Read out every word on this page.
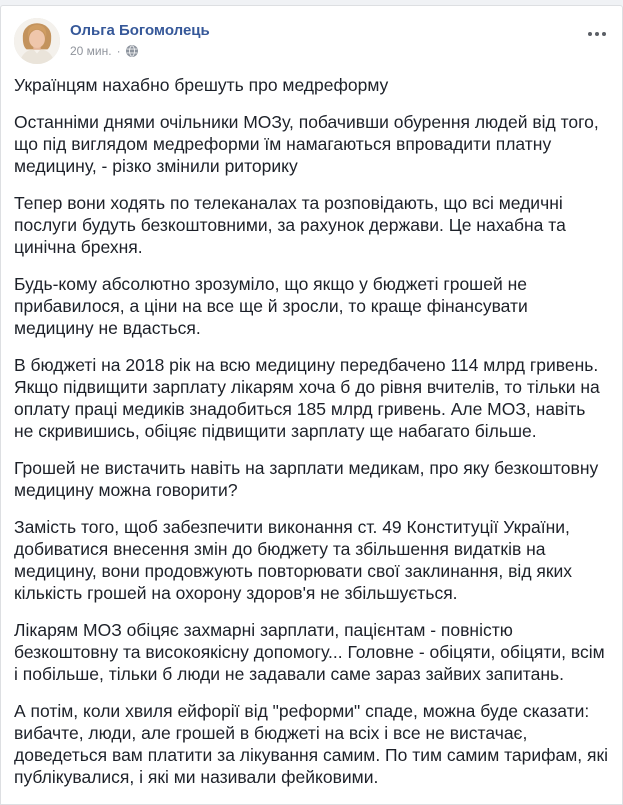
Ольга Богомолець
20 мин. ·

Українцям нахабно брешуть про медреформу

Останніми днями очільники МОЗу, побачивши обурення людей від того, що під виглядом медреформи їм намагаються впровадити платну медицину, - різко змінили риторику

Тепер вони ходять по телеканалах та розповідають, що всі медичні послуги будуть безкоштовними, за рахунок держави. Це нахабна та цинічна брехня.

Будь-кому абсолютно зрозуміло, що якщо у бюджеті грошей не прибавилося, а ціни на все ще й зросли, то краще фінансувати медицину не вдасться.

В бюджеті на 2018 рік на всю медицину передбачено 114 млрд гривень. Якщо підвищити зарплату лікарям хоча б до рівня вчителів, то тільки на оплату праці медиків знадобиться 185 млрд гривень. Але МОЗ, навіть не скривишись, обіцяє підвищити зарплату ще набагато більше.

Грошей не вистачить навіть на зарплати медикам, про яку безкоштовну медицину можна говорити?

Замість того, щоб забезпечити виконання ст. 49 Конституції України, добиватися внесення змін до бюджету та збільшення видатків на медицину, вони продовжують повторювати свої заклинання, від яких кількість грошей на охорону здоров'я не збільшується.

Лікарям МОЗ обіцяє захмарні зарплати, пацієнтам - повністю безкоштовну та високоякісну допомогу... Головне - обіцяти, обіцяти, всім і побільше, тільки б люди не задавали саме зараз зайвих запитань.

А потім, коли хвиля ейфорії від "реформи" спаде, можна буде сказати: вибачте, люди, але грошей в бюджеті на всіх і все не вистачає, доведеться вам платити за лікування самим. По тим самим тарифам, які публікувалися, і які ми називали фейковими.
